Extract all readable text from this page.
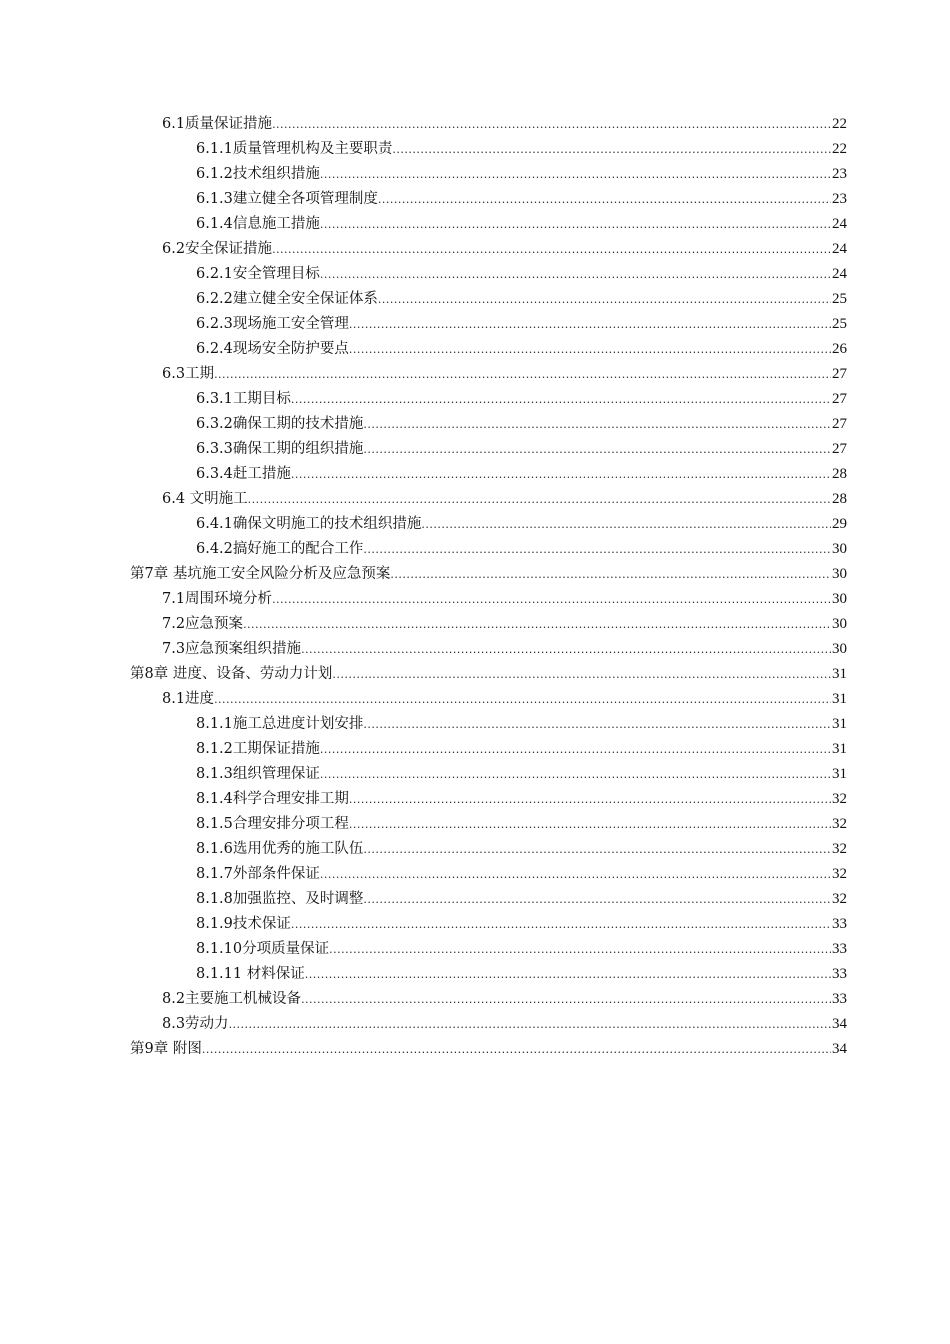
6.1质量保证措施 .....	22
6.1.1质量管理机构及主要职责 .....	22
6.1.2技术组织措施 .....	23
6.1.3建立健全各项管理制度 .....	23
6.1.4信息施工措施 .....	24
6.2安全保证措施 .....	24
6.2.1安全管理目标 .....	24
6.2.2建立健全安全保证体系 .....	25
6.2.3现场施工安全管理 .....	25
6.2.4现场安全防护要点 .....	26
6.3工期 .....	27
6.3.1工期目标 .....	27
6.3.2确保工期的技术措施 .....	27
6.3.3确保工期的组织措施 .....	27
6.3.4赶工措施 .....	28
6.4 文明施工 .....	28
6.4.1确保文明施工的技术组织措施 .....	29
6.4.2搞好施工的配合工作 .....	30
第7章 基坑施工安全风险分析及应急预案 .....	30
7.1周围环境分析 .....	30
7.2应急预案 .....	30
7.3应急预案组织措施 .....	30
第8章 进度、设备、劳动力计划 .....	31
8.1进度 .....	31
8.1.1施工总进度计划安排 .....	31
8.1.2工期保证措施 .....	31
8.1.3组织管理保证 .....	31
8.1.4科学合理安排工期 .....	32
8.1.5合理安排分项工程 .....	32
8.1.6选用优秀的施工队伍 .....	32
8.1.7外部条件保证 .....	32
8.1.8加强监控、及时调整 .....	32
8.1.9技术保证 .....	33
8.1.10分项质量保证 .....	33
8.1.11 材料保证 .....	33
8.2主要施工机械设备 .....	33
8.3劳动力 .....	34
第9章 附图 .....	34
